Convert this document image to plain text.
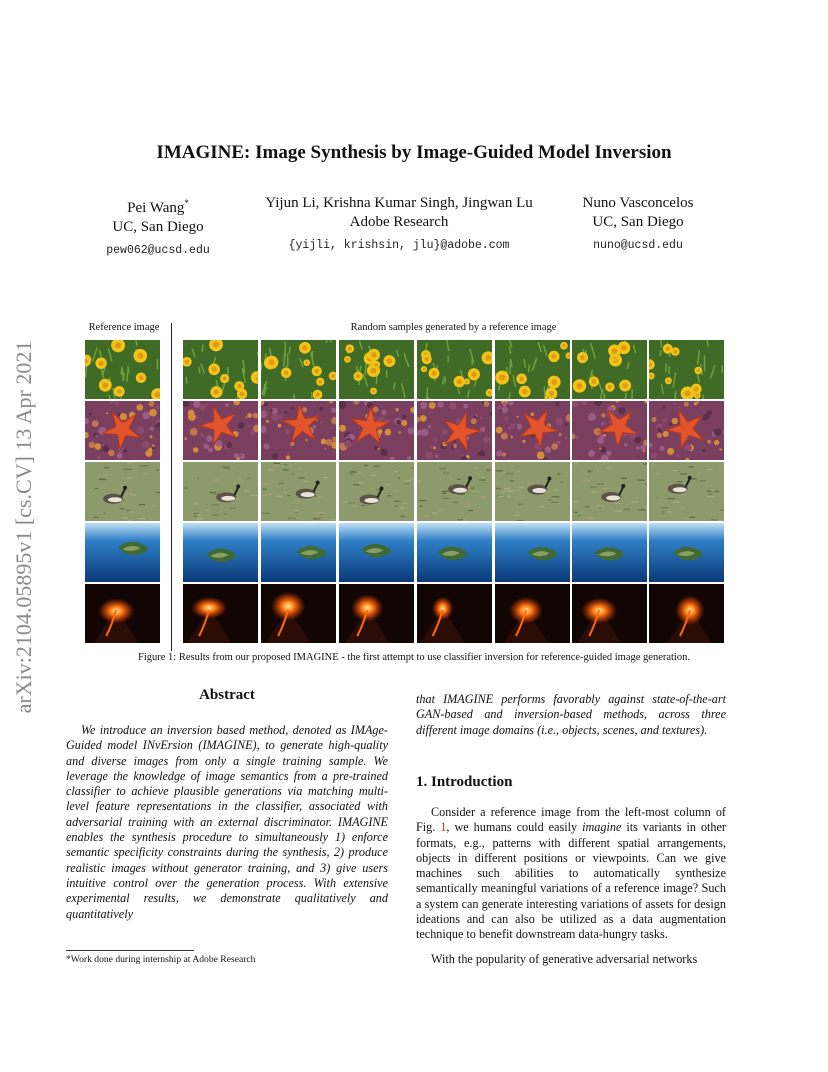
arXiv:2104.05895v1 [cs.CV] 13 Apr 2021
IMAGINE: Image Synthesis by Image-Guided Model Inversion
Pei Wang*
UC, San Diego
pew062@ucsd.edu
Yijun Li, Krishna Kumar Singh, Jingwan Lu
Adobe Research
{yijli, krishsin, jlu}@adobe.com
Nuno Vasconcelos
UC, San Diego
nuno@ucsd.edu
Reference image	Random samples generated by a reference image
Figure 1: Results from our proposed IMAGINE - the first attempt to use classifier inversion for reference-guided image generation.
Abstract
We introduce an inversion based method, denoted as IMAge-Guided model INvErsion (IMAGINE), to generate high-quality and diverse images from only a single training sample. We leverage the knowledge of image semantics from a pre-trained classifier to achieve plausible generations via matching multi-level feature representations in the classifier, associated with adversarial training with an external discriminator. IMAGINE enables the synthesis procedure to simultaneously 1) enforce semantic specificity constraints during the synthesis, 2) produce realistic images without generator training, and 3) give users intuitive control over the generation process. With extensive experimental results, we demonstrate qualitatively and quantitatively
*Work done during internship at Adobe Research
that IMAGINE performs favorably against state-of-the-art GAN-based and inversion-based methods, across three different image domains (i.e., objects, scenes, and textures).
1. Introduction
Consider a reference image from the left-most column of Fig. 1, we humans could easily imagine its variants in other formats, e.g., patterns with different spatial arrangements, objects in different positions or viewpoints. Can we give machines such abilities to automatically synthesize semantically meaningful variations of a reference image? Such a system can generate interesting variations of assets for design ideations and can also be utilized as a data augmentation technique to benefit downstream data-hungry tasks.
With the popularity of generative adversarial networks
